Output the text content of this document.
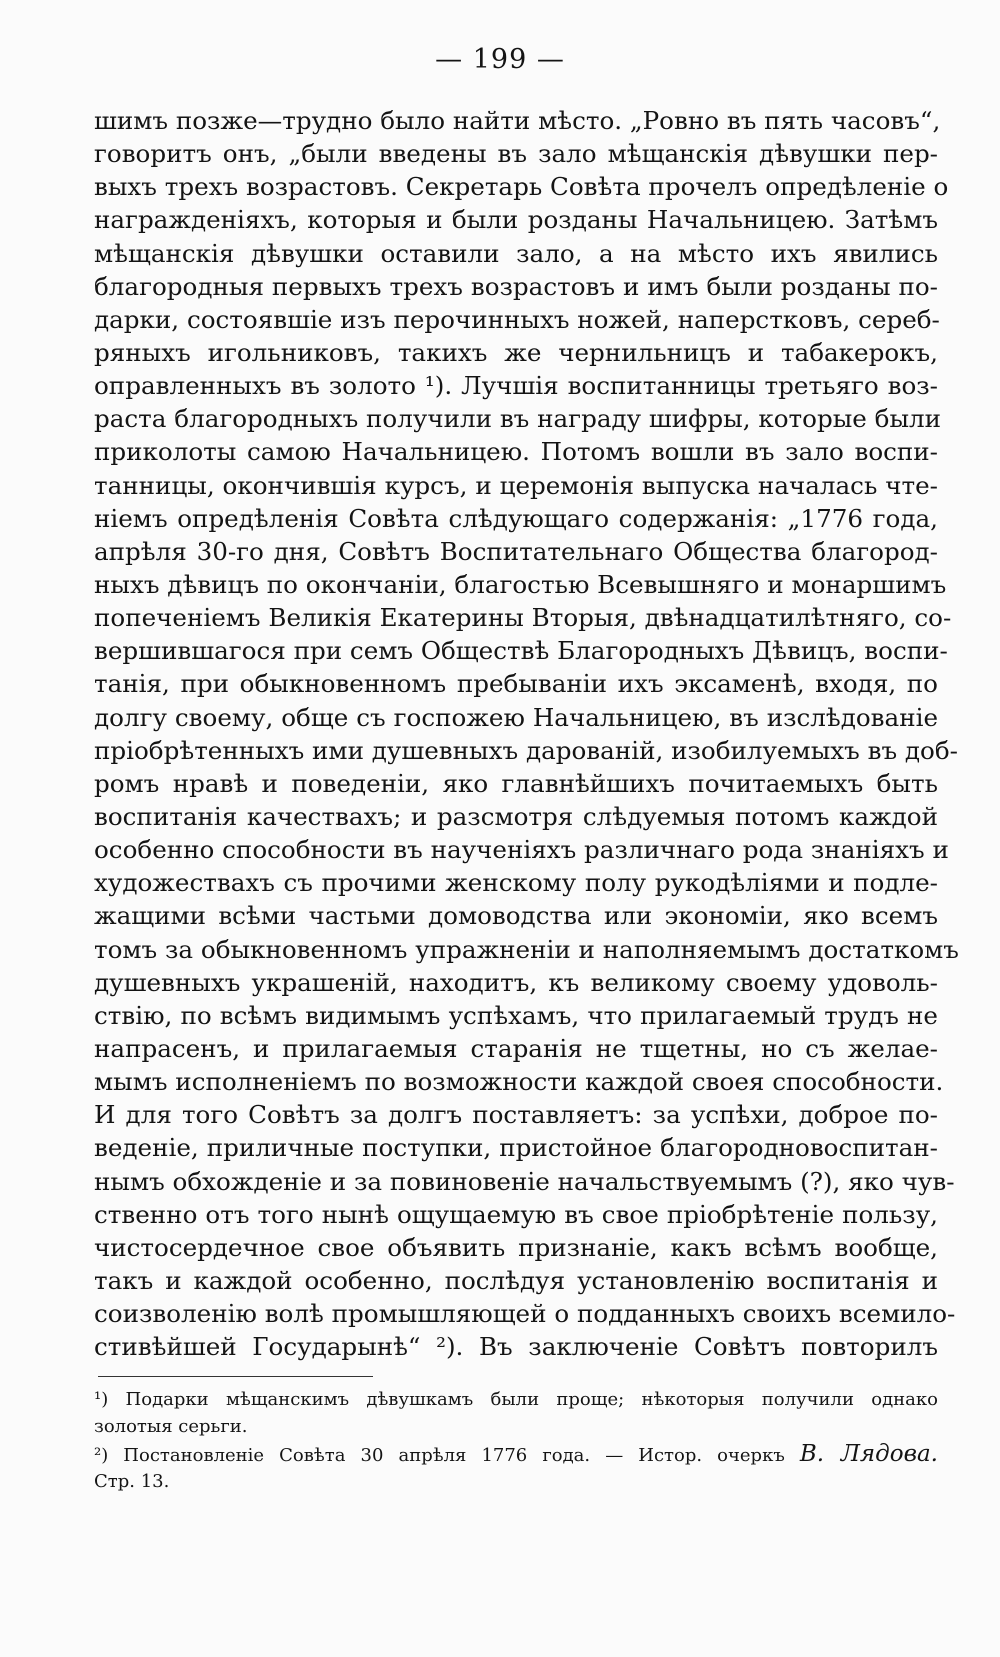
— 199 —
шимъ позже—трудно было найти мѣсто. „Ровно въ пять часовъ“,
говоритъ онъ, „были введены въ зало мѣщанскія дѣвушки пер-
выхъ трехъ возрастовъ. Секретарь Совѣта прочелъ опредѣленіе о
награжденіяхъ, которыя и были розданы Начальницею. Затѣмъ
мѣщанскія дѣвушки оставили зало, а на мѣсто ихъ явились
благородныя первыхъ трехъ возрастовъ и имъ были розданы по-
дарки, состоявшіе изъ перочинныхъ ножей, наперстковъ, сереб-
ряныхъ игольниковъ, такихъ же чернильницъ и табакерокъ,
оправленныхъ въ золото ¹). Лучшія воспитанницы третьяго воз-
раста благородныхъ получили въ награду шифры, которые были
приколоты самою Начальницею. Потомъ вошли въ зало воспи-
танницы, окончившія курсъ, и церемонія выпуска началась чте-
ніемъ опредѣленія Совѣта слѣдующаго содержанія: „1776 года,
апрѣля 30-го дня, Совѣтъ Воспитательнаго Общества благород-
ныхъ дѣвицъ по окончаніи, благостью Всевышняго и монаршимъ
попеченіемъ Великія Екатерины Вторыя, двѣнадцатилѣтняго, со-
вершившагося при семъ Обществѣ Благородныхъ Дѣвицъ, воспи-
танія, при обыкновенномъ пребываніи ихъ эксаменѣ, входя, по
долгу своему, обще съ госпожею Начальницею, въ изслѣдованіе
пріобрѣтенныхъ ими душевныхъ дарованій, изобилуемыхъ въ доб-
ромъ нравѣ и поведеніи, яко главнѣйшихъ почитаемыхъ быть
воспитанія качествахъ; и разсмотря слѣдуемыя потомъ каждой
особенно способности въ наученіяхъ различнаго рода знаніяхъ и
художествахъ съ прочими женскому полу рукодѣліями и подле-
жащими всѣми частьми домоводства или экономіи, яко всемъ
томъ за обыкновенномъ упражненіи и наполняемымъ достаткомъ
душевныхъ украшеній, находитъ, къ великому своему удоволь-
ствію, по всѣмъ видимымъ успѣхамъ, что прилагаемый трудъ не
напрасенъ, и прилагаемыя старанія не тщетны, но съ желае-
мымъ исполненіемъ по возможности каждой своея способности.
И для того Совѣтъ за долгъ поставляетъ: за успѣхи, доброе по-
веденіе, приличные поступки, пристойное благородновоспитан-
нымъ обхожденіе и за повиновеніе начальствуемымъ (?), яко чув-
ственно отъ того нынѣ ощущаемую въ свое пріобрѣтеніе пользу,
чистосердечное свое объявить признаніе, какъ всѣмъ вообще,
такъ и каждой особенно, послѣдуя установленію воспитанія и
соизволенію волѣ промышляющей о подданныхъ своихъ всемило-
стивѣйшей Государынѣ“ ²). Въ заключеніе Совѣтъ повторилъ
¹) Подарки мѣщанскимъ дѣвушкамъ были проще; нѣкоторыя получили однако
золотыя серьги.
²) Постановленіе Совѣта 30 апрѣля 1776 года. — Истор. очеркъ В. Лядова.
Стр. 13.
